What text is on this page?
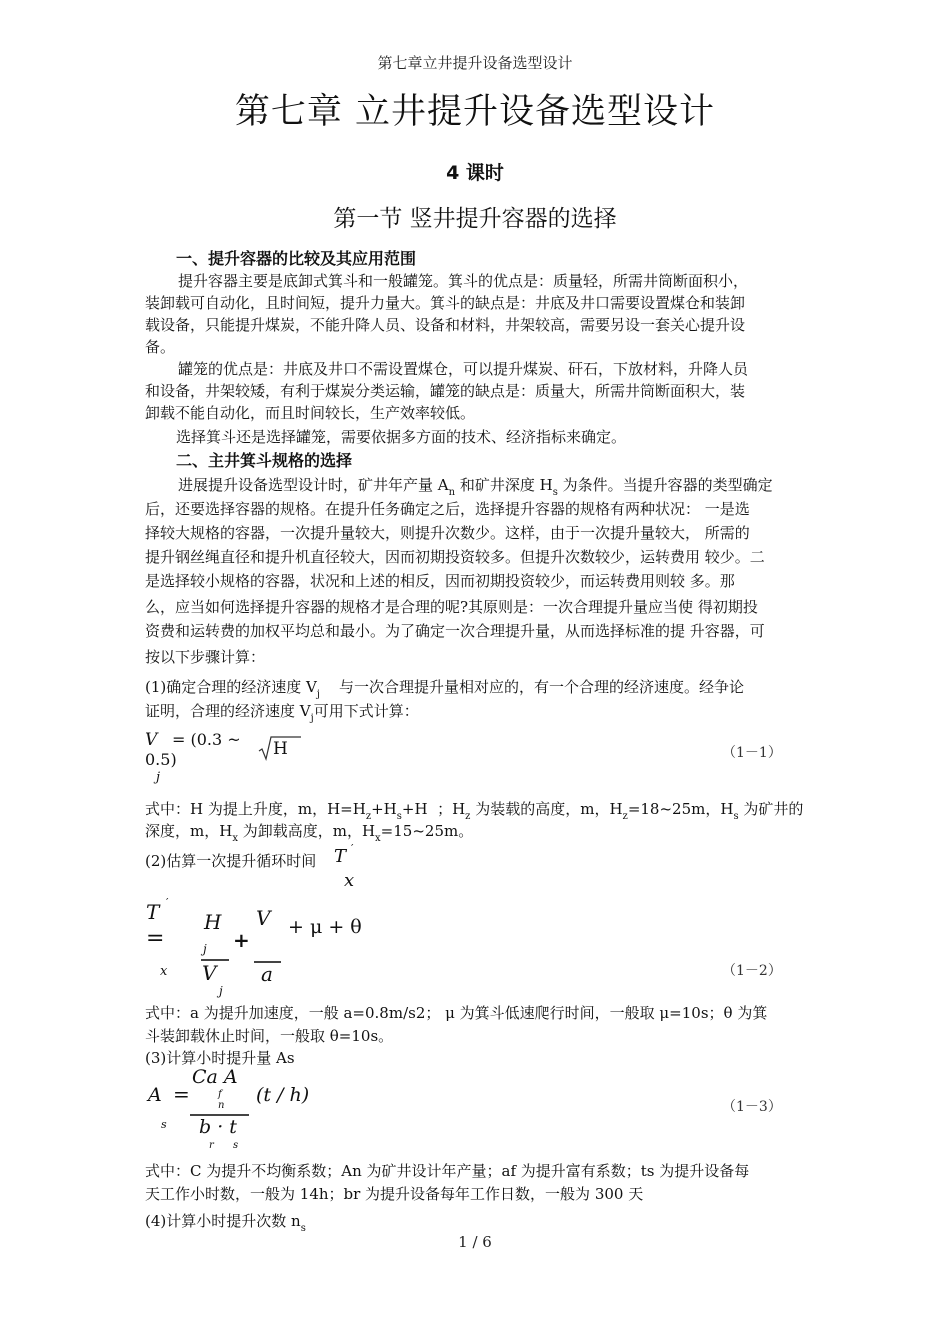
第七章立井提升设备选型设计
第七章 立井提升设备选型设计
4 课时
第一节 竖井提升容器的选择
一、提升容器的比较及其应用范围
提升容器主要是底卸式箕斗和一般罐笼。箕斗的优点是：质量轻，所需井筒断面积小，
装卸载可自动化，且时间短，提升力量大。箕斗的缺点是：井底及井口需要设置煤仓和装卸
载设备，只能提升煤炭，不能升降人员、设备和材料，井架较高，需要另设一套关心提升设
备。
罐笼的优点是：井底及井口不需设置煤仓，可以提升煤炭、矸石，下放材料，升降人员
和设备，井架较矮，有利于煤炭分类运输，罐笼的缺点是：质量大，所需井筒断面积大，装
卸载不能自动化，而且时间较长，生产效率较低。
选择箕斗还是选择罐笼，需要依据多方面的技术、经济指标来确定。
二、主井箕斗规格的选择
进展提升设备选型设计时，矿井年产量 $A_n$ 和矿井深度 $H_s$ 为条件。当提升容器的类型确定
后，还要选择容器的规格。在提升任务确定之后，选择提升容器的规格有两种状况： 一是选
择较大规格的容器，一次提升量较大，则提升次数少。这样，由于一次提升量较大， 所需的
提升钢丝绳直径和提升机直径较大，因而初期投资较多。但提升次数较少，运转费用 较少。二
是选择较小规格的容器，状况和上述的相反，因而初期投资较少，而运转费用则较 多。那
么，应当如何选择提升容器的规格才是合理的呢?其原则是：一次合理提升量应当使 得初期投
资费和运转费的加权平均总和最小。为了确定一次合理提升量，从而选择标准的提 升容器，可
按以下步骤计算：
(1)确定合理的经济速度 $V_j$    与一次合理提升量相对应的，有一个合理的经济速度。经争论
证明，合理的经济速度 $V_j$可用下式计算：
V
j
= (0.3 ~
0.5)
H	（1－1）
式中：H 为提上升度，m，$H=H_z+H_s+H$  ；$H_z$ 为装载的高度，m，$H_z=18\sim 25m$，$H_s$ 为矿井的
深度，m，$H_x$ 为卸载高度，m，$H_x=15\sim 25m$。
(2)估算一次提升循环时间 T ′
x
T ′
=
x
H
j
V
j
+
V
a
+ μ + θ
（1－2）
式中：a 为提升加速度，一般 a=0.8m/s2； μ 为箕斗低速爬行时间，一般取 μ=10s；θ 为箕
斗装卸载休止时间，一般取 θ=10s。
(3)计算小时提升量 As
A
s
=
Ca A
f
n
b · t
r s
(t / h)
（1－3）
式中：C 为提升不均衡系数；An 为矿井设计年产量；af 为提升富有系数；ts 为提升设备每
天工作小时数，一般为 14h；br 为提升设备每年工作日数，一般为 300 天
(4)计算小时提升次数 $n_s$
1 / 6
